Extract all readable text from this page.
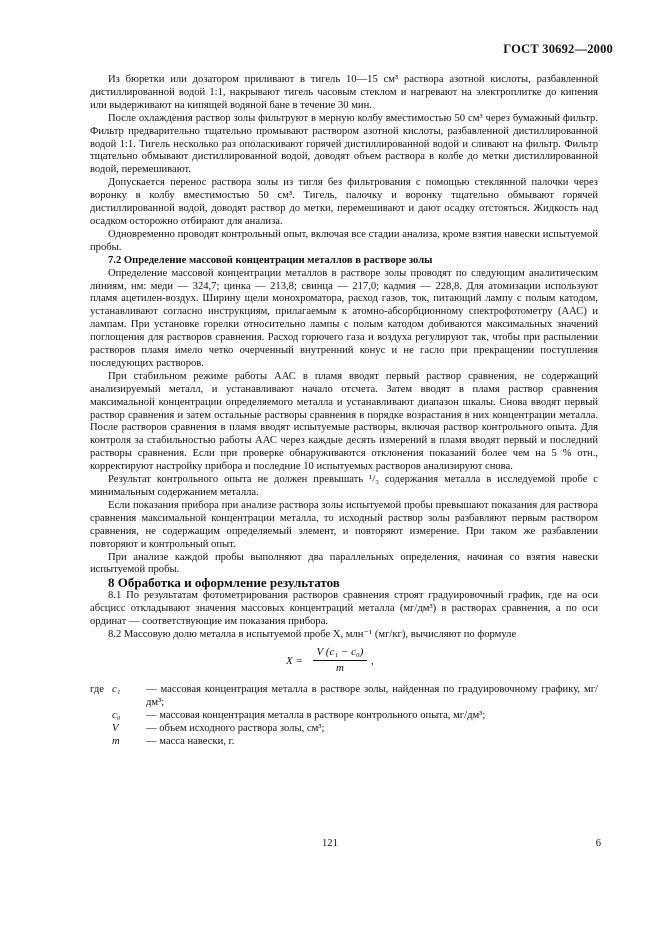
ГОСТ 30692—2000

Из бюретки или дозатором приливают в тигель 10—15 см³ раствора азотной кислоты, разбавленной дистиллированной водой 1:1, накрывают тигель часовым стеклом и нагревают на электроплитке до кипения или выдерживают на кипящей водяной бане в течение 30 мин.

После охлаждения раствор золы фильтруют в мерную колбу вместимостью 50 см³ через бумажный фильтр. Фильтр предварительно тщательно промывают раствором азотной кислоты, разбавленной дистиллированной водой 1:1. Тигель несколько раз ополаскивают горячей дистиллированной водой и сливают на фильтр. Фильтр тщательно обмывают дистиллированной водой, доводят объем раствора в колбе до метки дистиллированной водой, перемешивают.

Допускается перенос раствора золы из тигля без фильтрования с помощью стеклянной палочки через воронку в колбу вместимостью 50 см³. Тигель, палочку и воронку тщательно обмывают горячей дистиллированной водой, доводят раствор до метки, перемешивают и дают осадку отстояться. Жидкость над осадком осторожно отбирают для анализа.

Одновременно проводят контрольный опыт, включая все стадии анализа, кроме взятия навески испытуемой пробы.

7.2 Определение массовой концентрации металлов в растворе золы

Определение массовой концентрации металлов в растворе золы проводят по следующим аналитическим линиям, нм: меди — 324,7; цинка — 213,8; свинца — 217,0; кадмия — 228,8. Для атомизации используют пламя ацетилен-воздух. Ширину щели монохроматора, расход газов, ток, питающий лампу с полым катодом, устанавливают согласно инструкциям, прилагаемым к атомно-абсорбционному спектрофотометру (ААС) и лампам. При установке горелки относительно лампы с полым катодом добиваются максимальных значений поглощения для растворов сравнения. Расход горючего газа и воздуха регулируют так, чтобы при распылении растворов пламя имело четко очерченный внутренний конус и не гасло при прекращении поступления последующих растворов.

При стабильном режиме работы ААС в пламя вводят первый раствор сравнения, не содержащий анализируемый металл, и устанавливают начало отсчета. Затем вводят в пламя раствор сравнения максимальной концентрации определяемого металла и устанавливают диапазон шкалы. Снова вводят первый раствор сравнения и затем остальные растворы сравнения в порядке возрастания в них концентрации металла. После растворов сравнения в пламя вводят испытуемые растворы, включая раствор контрольного опыта. Для контроля за стабильностью работы ААС через каждые десять измерений в пламя вводят первый и последний растворы сравнения. Если при проверке обнаруживаются отклонения показаний более чем на 5 % отн., корректируют настройку прибора и последние 10 испытуемых растворов анализируют снова.

Результат контрольного опыта не должен превышать ¹/₃ содержания металла в исследуемой пробе с минимальным содержанием металла.

Если показания прибора при анализе раствора золы испытуемой пробы превышают показания для раствора сравнения максимальной концентрации металла, то исходный раствор золы разбавляют первым раствором сравнения, не содержащим определяемый элемент, и повторяют измерение. При таком же разбавлении повторяют и контрольный опыт.

При анализе каждой пробы выполняют два параллельных определения, начиная со взятия навески испытуемой пробы.

8 Обработка и оформление результатов

8.1 По результатам фотометрирования растворов сравнения строят градуировочный график, где на оси абсцисс откладывают значения массовых концентраций металла (мг/дм³) в растворах сравнения, а по оси ординат — соответствующие им показания прибора.

8.2 Массовую долю металла в испытуемой пробе X, млн⁻¹ (мг/кг), вычисляют по формуле

$X = \frac{\text{V (c₁ − c₀)}}{m}$ ,
где c₁ — массовая концентрация металла в растворе золы, найденная по градуировочному графику, мг/дм³;
c₀ — массовая концентрация металла в растворе контрольного опыта, мг/дм³;
V	— объем исходного раствора золы, см³;
m — масса навески, г.
121	6
